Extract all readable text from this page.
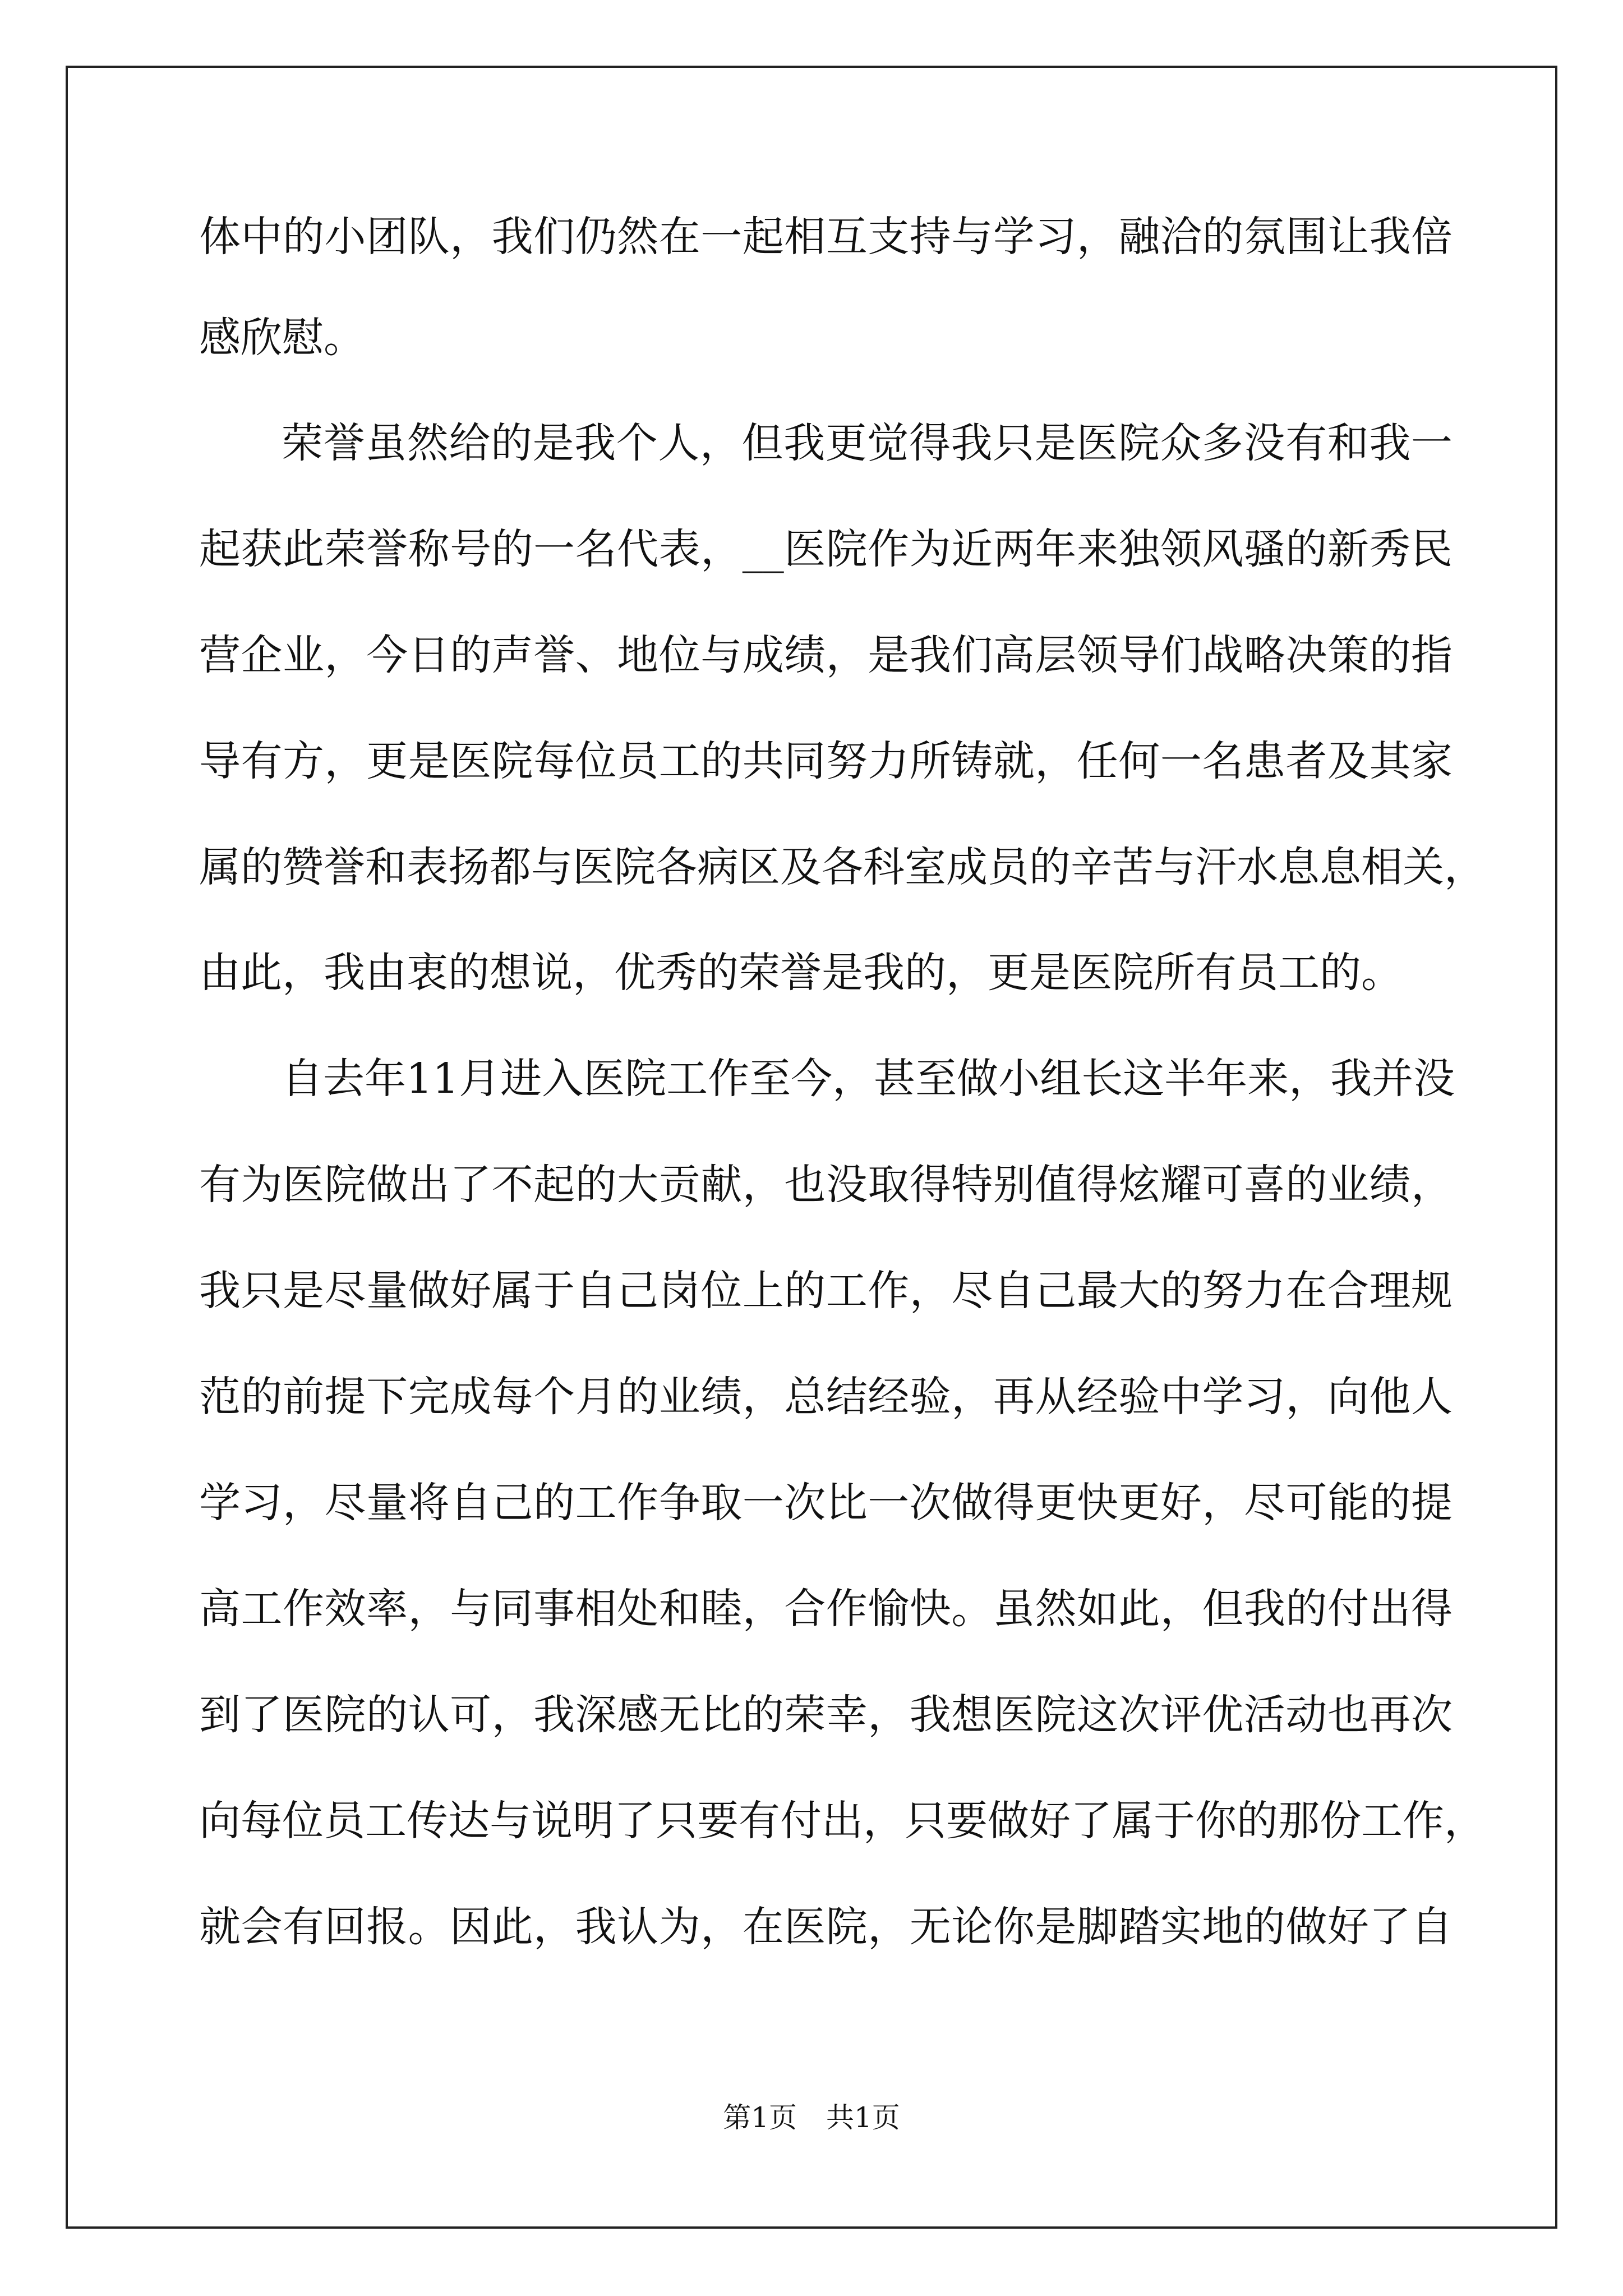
体中的小团队，我们仍然在一起相互支持与学习，融洽的氛围让我倍

感欣慰。

荣誉虽然给的是我个人，但我更觉得我只是医院众多没有和我一

起获此荣誉称号的一名代表，__医院作为近两年来独领风骚的新秀民

营企业，今日的声誉、地位与成绩，是我们高层领导们战略决策的指

导有方，更是医院每位员工的共同努力所铸就，任何一名患者及其家

属的赞誉和表扬都与医院各病区及各科室成员的辛苦与汗水息息相关，

由此，我由衷的想说，优秀的荣誉是我的，更是医院所有员工的。

自去年11月进入医院工作至今，甚至做小组长这半年来，我并没

有为医院做出了不起的大贡献，也没取得特别值得炫耀可喜的业绩，

我只是尽量做好属于自己岗位上的工作，尽自己最大的努力在合理规

范的前提下完成每个月的业绩，总结经验，再从经验中学习，向他人

学习，尽量将自己的工作争取一次比一次做得更快更好，尽可能的提

高工作效率，与同事相处和睦，合作愉快。虽然如此，但我的付出得

到了医院的认可，我深感无比的荣幸，我想医院这次评优活动也再次

向每位员工传达与说明了只要有付出，只要做好了属于你的那份工作，

就会有回报。因此，我认为，在医院，无论你是脚踏实地的做好了自

第1页 共1页
